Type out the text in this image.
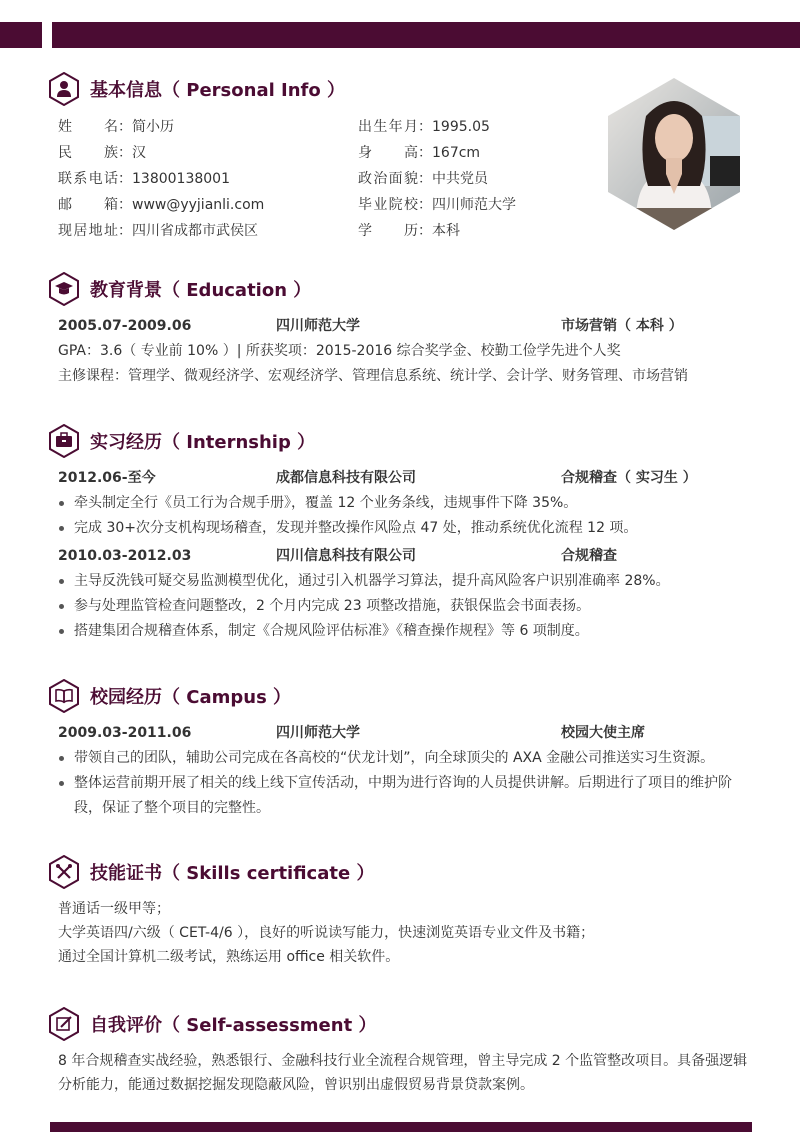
基本信息（ Personal Info ）
姓 名：简小历	出生年月：1995.05
民 族：汉	身 高：167cm
联系电话：13800138001	政治面貌：中共党员
邮 箱：www@yyjianli.com	毕业院校：四川师范大学
现居地址：四川省成都市武侯区	学 历：本科
教育背景（ Education ）
2005.07-2009.06	四川师范大学	市场营销（ 本科 ）
GPA：3.6（ 专业前 10% ）| 所获奖项：2015-2016 综合奖学金、校勤工俭学先进个人奖
主修课程：管理学、微观经济学、宏观经济学、管理信息系统、统计学、会计学、财务管理、市场营销
实习经历（ Internship ）
2012.06-至今	成都信息科技有限公司	合规稽查（ 实习生 ）
牵头制定全行《员工行为合规手册》，覆盖 12 个业务条线，违规事件下降 35%。
完成 30+次分支机构现场稽查，发现并整改操作风险点 47 处，推动系统优化流程 12 项。
2010.03-2012.03	四川信息科技有限公司	合规稽查
主导反洗钱可疑交易监测模型优化，通过引入机器学习算法，提升高风险客户识别准确率 28%。
参与处理监管检查问题整改，2 个月内完成 23 项整改措施，获银保监会书面表扬。
搭建集团合规稽查体系，制定《合规风险评估标准》《稽查操作规程》等 6 项制度。
校园经历（ Campus ）
2009.03-2011.06	四川师范大学	校园大使主席
带领自己的团队，辅助公司完成在各高校的“伏龙计划”，向全球顶尖的 AXA 金融公司推送实习生资源。
整体运营前期开展了相关的线上线下宣传活动，中期为进行咨询的人员提供讲解。后期进行了项目的维护阶段，保证了整个项目的完整性。
技能证书（ Skills certificate ）
普通话一级甲等；
大学英语四/六级（ CET-4/6 ），良好的听说读写能力，快速浏览英语专业文件及书籍；
通过全国计算机二级考试，熟练运用 office 相关软件。
自我评价（ Self-assessment ）
8 年合规稽查实战经验，熟悉银行、金融科技行业全流程合规管理，曾主导完成 2 个监管整改项目。具备强逻辑分析能力，能通过数据挖掘发现隐蔽风险，曾识别出虚假贸易背景贷款案例。
